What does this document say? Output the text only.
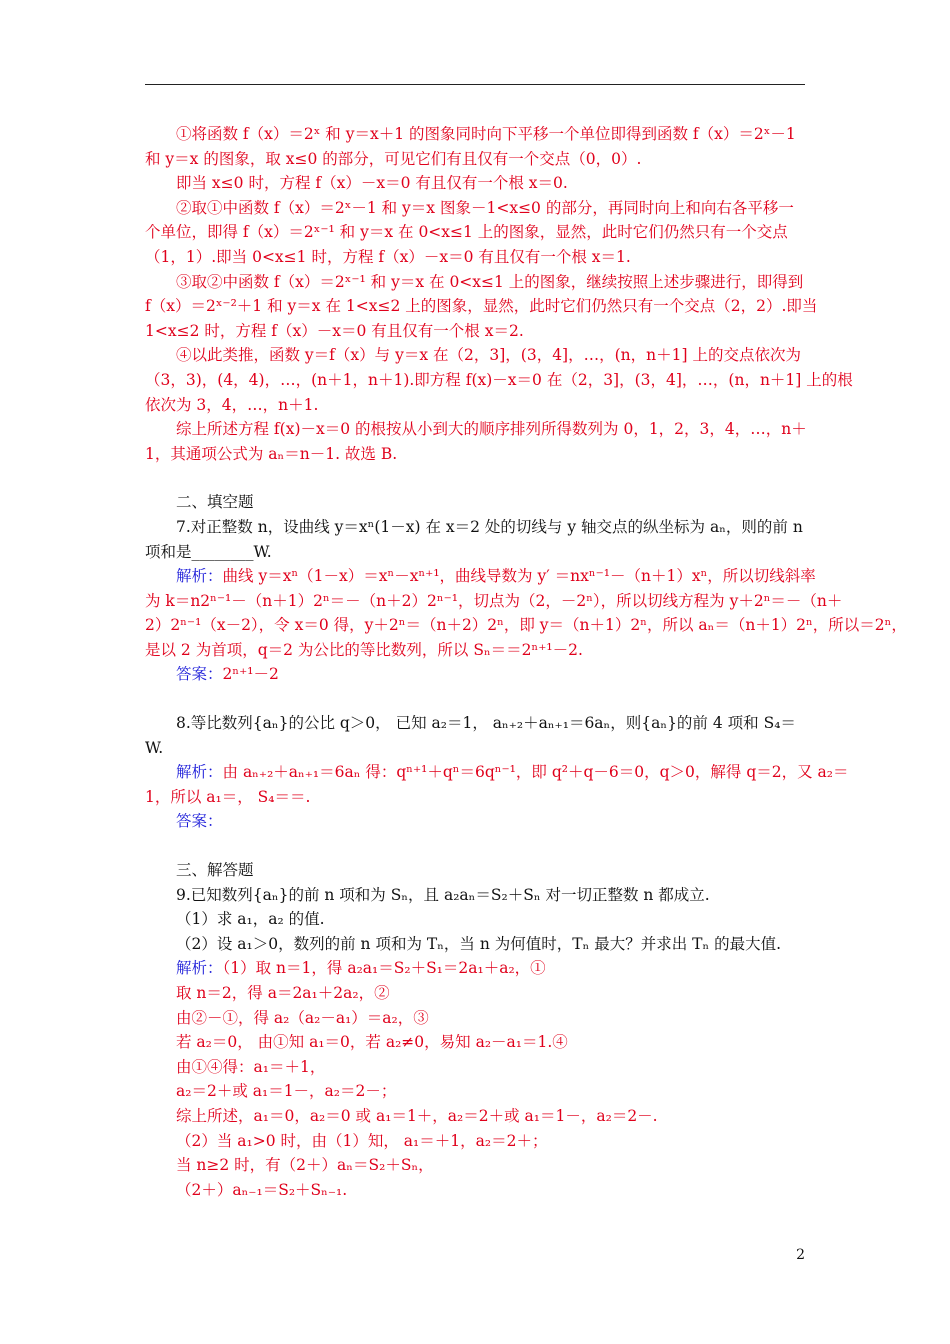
①将函数 f（x）＝2ˣ 和 y＝x＋1 的图象同时向下平移一个单位即得到函数 f（x）＝2ˣ－1
和 y＝x 的图象，取 x≤0 的部分，可见它们有且仅有一个交点（0，0）.
即当 x≤0 时，方程 f（x）－x＝0 有且仅有一个根 x＝0.
②取①中函数 f（x）＝2ˣ－1 和 y＝x 图象－1<x≤0 的部分，再同时向上和向右各平移一
个单位，即得 f（x）＝2ˣ⁻¹ 和 y＝x 在 0<x≤1 上的图象，显然，此时它们仍然只有一个交点
（1，1）.即当 0<x≤1 时，方程 f（x）－x＝0 有且仅有一个根 x＝1.
③取②中函数 f（x）＝2ˣ⁻¹ 和 y＝x 在 0<x≤1 上的图象，继续按照上述步骤进行，即得到
f（x）＝2ˣ⁻²＋1 和 y＝x 在 1<x≤2 上的图象，显然，此时它们仍然只有一个交点（2，2）.即当
1<x≤2 时，方程 f（x）－x＝0 有且仅有一个根 x＝2.
④以此类推，函数 y＝f（x）与 y＝x 在（2，3]，(3，4]，…，(n，n＋1] 上的交点依次为
（3，3)，(4，4)，…，(n＋1，n＋1).即方程 f(x)－x＝0 在（2，3]，(3，4]，…，(n，n＋1] 上的根
依次为 3，4，…，n＋1.
综上所述方程 f(x)－x＝0 的根按从小到大的顺序排列所得数列为 0，1，2，3，4，…，n＋
1，其通项公式为 aₙ＝n－1. 故选 B.
二、填空题
7.对正整数 n，设曲线 y＝xⁿ(1－x) 在 x＝2 处的切线与 y 轴交点的纵坐标为 aₙ，则的前 n
项和是________W.
解析：曲线 y＝xⁿ（1－x）＝xⁿ－xⁿ⁺¹，曲线导数为 y′ ＝nxⁿ⁻¹－（n＋1）xⁿ，所以切线斜率
为 k＝n2ⁿ⁻¹－（n＋1）2ⁿ＝－（n＋2）2ⁿ⁻¹，切点为（2，－2ⁿ），所以切线方程为 y＋2ⁿ＝－（n＋
2）2ⁿ⁻¹（x－2），令 x＝0 得，y＋2ⁿ＝（n＋2）2ⁿ，即 y＝（n＋1）2ⁿ，所以 aₙ＝（n＋1）2ⁿ，所以＝2ⁿ，
是以 2 为首项，q＝2 为公比的等比数列，所以 Sₙ＝＝2ⁿ⁺¹－2.
答案：2ⁿ⁺¹－2
8.等比数列{aₙ}的公比 q＞0， 已知 a₂＝1， aₙ₊₂＋aₙ₊₁＝6aₙ，则{aₙ}的前 4 项和 S₄＝
W.
解析：由 aₙ₊₂＋aₙ₊₁＝6aₙ 得：qⁿ⁺¹＋qⁿ＝6qⁿ⁻¹，即 q²＋q－6＝0，q＞0，解得 q＝2，又 a₂＝
1，所以 a₁＝， S₄＝＝.
答案：
三、解答题
9.已知数列{aₙ}的前 n 项和为 Sₙ，且 a₂aₙ＝S₂＋Sₙ 对一切正整数 n 都成立.
（1）求 a₁，a₂ 的值.
（2）设 a₁＞0，数列的前 n 项和为 Tₙ，当 n 为何值时，Tₙ 最大？并求出 Tₙ 的最大值.
解析：（1）取 n＝1，得 a₂a₁＝S₂＋S₁＝2a₁＋a₂，①
取 n＝2，得 a＝2a₁＋2a₂，②
由②－①，得 a₂（a₂－a₁）＝a₂，③
若 a₂＝0， 由①知 a₁＝0，若 a₂≠0，易知 a₂－a₁＝1.④
由①④得：a₁＝＋1，
a₂＝2＋或 a₁＝1－，a₂＝2－；
综上所述，a₁＝0，a₂＝0 或 a₁＝1＋，a₂＝2＋或 a₁＝1－，a₂＝2－.
（2）当 a₁>0 时，由（1）知， a₁＝＋1，a₂＝2＋；
当 n≥2 时，有（2＋）aₙ＝S₂＋Sₙ，
（2＋）aₙ₋₁＝S₂＋Sₙ₋₁.
2
